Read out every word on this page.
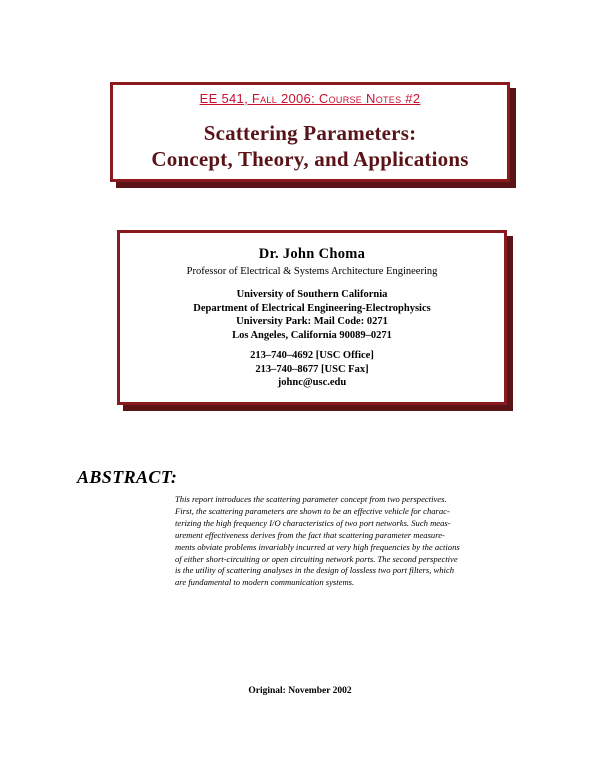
EE 541, Fall 2006: Course Notes #2
Scattering Parameters:
Concept, Theory, and Applications
Dr. John Choma
Professor of Electrical & Systems Architecture Engineering
University of Southern California
Department of Electrical Engineering-Electrophysics
University Park: Mail Code: 0271
Los Angeles, California 90089–0271
213–740–4692 [USC Office]
213–740–8677 [USC Fax]
johnc@usc.edu
ABSTRACT:
This report introduces the scattering parameter concept from two perspectives.
First, the scattering parameters are shown to be an effective vehicle for charac-
terizing the high frequency I/O characteristics of two port networks. Such meas-
urement effectiveness derives from the fact that scattering parameter measure-
ments obviate problems invariably incurred at very high frequencies by the actions
of either short-circuiting or open circuiting network ports. The second perspective
is the utility of scattering analyses in the design of lossless two port filters, which
are fundamental to modern communication systems.
Original: November 2002
